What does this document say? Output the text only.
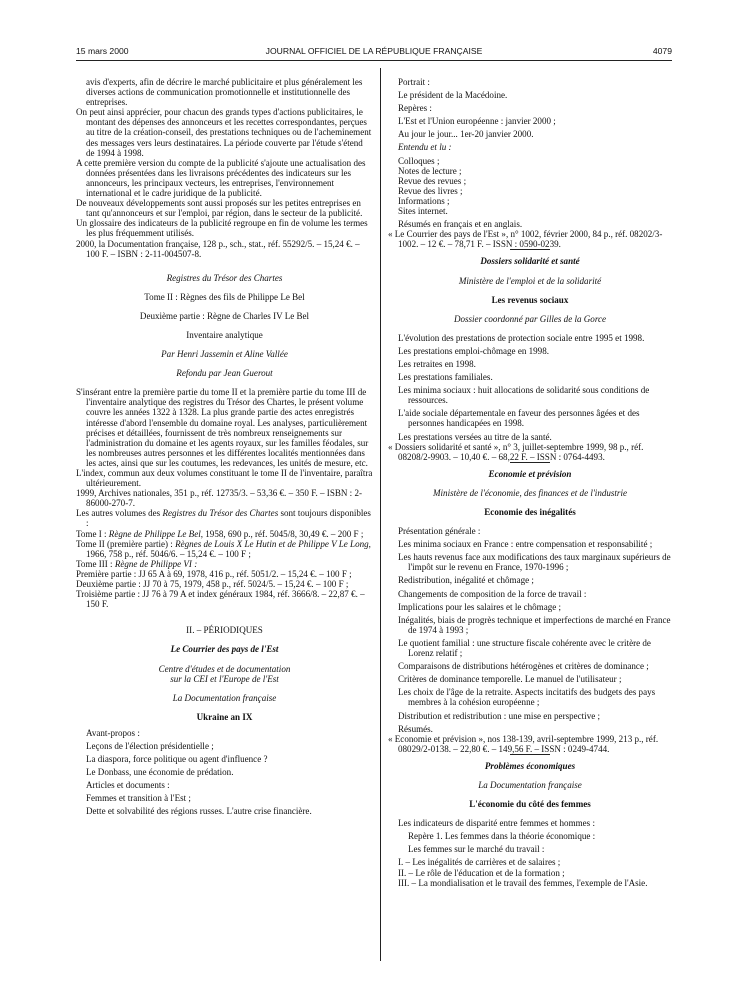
15 mars 2000	JOURNAL OFFICIEL DE LA RÉPUBLIQUE FRANÇAISE	4079

avis d'experts, afin de décrire le marché publicitaire et plus généralement les diverses actions de communication promotionnelle et institutionnelle des entreprises.

On peut ainsi apprécier, pour chacun des grands types d'actions publicitaires, le montant des dépenses des annonceurs et les recettes correspondantes, perçues au titre de la création-conseil, des prestations techniques ou de l'acheminement des messages vers leurs destinataires. La période couverte par l'étude s'étend de 1994 à 1998.

A cette première version du compte de la publicité s'ajoute une actualisation des données présentées dans les livraisons précédentes des indicateurs sur les annonceurs, les principaux vecteurs, les entreprises, l'environnement international et le cadre juridique de la publicité.

De nouveaux développements sont aussi proposés sur les petites entreprises en tant qu'annonceurs et sur l'emploi, par région, dans le secteur de la publicité.

Un glossaire des indicateurs de la publicité regroupe en fin de volume les termes les plus fréquemment utilisés.

2000, la Documentation française, 128 p., sch., stat., réf. 55292/5. – 15,24 €. – 100 F. – ISBN : 2-11-004507-8.

Registres du Trésor des Chartes

Tome II : Règnes des fils de Philippe Le Bel

Deuxième partie : Règne de Charles IV Le Bel

Inventaire analytique

Par Henri Jassemin et Aline Vallée

Refondu par Jean Guerout

S'insérant entre la première partie du tome II et la première partie du tome III de l'inventaire analytique des registres du Trésor des Chartes, le présent volume couvre les années 1322 à 1328. La plus grande partie des actes enregistrés intéresse d'abord l'ensemble du domaine royal. Les analyses, particulièrement précises et détaillées, fournissent de très nombreux renseignements sur l'administration du domaine et les agents royaux, sur les familles féodales, sur les nombreuses autres personnes et les différentes localités mentionnées dans les actes, ainsi que sur les coutumes, les redevances, les unités de mesure, etc.

L'index, commun aux deux volumes constituant le tome II de l'inventaire, paraîtra ultérieurement.

1999, Archives nationales, 351 p., réf. 12735/3. – 53,36 €. – 350 F. – ISBN : 2-86000-270-7.

Les autres volumes des Registres du Trésor des Chartes sont toujours disponibles :

Tome I : Règne de Philippe Le Bel, 1958, 690 p., réf. 5045/8, 30,49 €. – 200 F ;

Tome II (première partie) : Règnes de Louis X Le Hutin et de Philippe V Le Long, 1966, 758 p., réf. 5046/6. – 15,24 €. – 100 F ;

Tome III : Règne de Philippe VI :

Première partie : JJ 65 A à 69, 1978, 416 p., réf. 5051/2. – 15,24 €. – 100 F ;

Deuxième partie : JJ 70 à 75, 1979, 458 p., réf. 5024/5. – 15,24 €. – 100 F ;

Troisième partie : JJ 76 à 79 A et index généraux 1984, réf. 3666/8. – 22,87 €. – 150 F.

II. – PÉRIODIQUES

Le Courrier des pays de l'Est

Centre d'études et de documentation

sur la CEI et l'Europe de l'Est

La Documentation française

Ukraine an IX

Avant-propos :

Leçons de l'élection présidentielle ;

La diaspora, force politique ou agent d'influence ?

Le Donbass, une économie de prédation.

Articles et documents :

Femmes et transition à l'Est ;

Dette et solvabilité des régions russes. L'autre crise financière.

Portrait :

Le président de la Macédoine.

Repères :

L'Est et l'Union européenne : janvier 2000 ;

Au jour le jour... 1er-20 janvier 2000.

Entendu et lu :

Colloques ;

Notes de lecture ;

Revue des revues ;

Revue des livres ;

Informations ;

Sites internet.

Résumés en français et en anglais.

« Le Courrier des pays de l'Est », n° 1002, février 2000, 84 p., réf. 08202/3-1002. – 12 €. – 78,71 F. – ISSN : 0590-0239.

Dossiers solidarité et santé

Ministère de l'emploi et de la solidarité

Les revenus sociaux

Dossier coordonné par Gilles de la Gorce

L'évolution des prestations de protection sociale entre 1995 et 1998.

Les prestations emploi-chômage en 1998.

Les retraites en 1998.

Les prestations familiales.

Les minima sociaux : huit allocations de solidarité sous conditions de ressources.

L'aide sociale départementale en faveur des personnes âgées et des personnes handicapées en 1998.

Les prestations versées au titre de la santé.

« Dossiers solidarité et santé », n° 3, juillet-septembre 1999, 98 p., réf. 08208/2-9903. – 10,40 €. – 68,22 F. – ISSN : 0764-4493.

Economie et prévision

Ministère de l'économie, des finances et de l'industrie

Economie des inégalités

Présentation générale :

Les minima sociaux en France : entre compensation et responsabilité ;

Les hauts revenus face aux modifications des taux marginaux supérieurs de l'impôt sur le revenu en France, 1970-1996 ;

Redistribution, inégalité et chômage ;

Changements de composition de la force de travail :

Implications pour les salaires et le chômage ;

Inégalités, biais de progrès technique et imperfections de marché en France de 1974 à 1993 ;

Le quotient familial : une structure fiscale cohérente avec le critère de Lorenz relatif ;

Comparaisons de distributions hétérogènes et critères de dominance ;

Critères de dominance temporelle. Le manuel de l'utilisateur ;

Les choix de l'âge de la retraite. Aspects incitatifs des budgets des pays membres à la cohésion européenne ;

Distribution et redistribution : une mise en perspective ;

Résumés.

« Economie et prévision », nos 138-139, avril-septembre 1999, 213 p., réf. 08029/2-0138. – 22,80 €. – 149,56 F. – ISSN : 0249-4744.

Problèmes économiques

La Documentation française

L'économie du côté des femmes

Les indicateurs de disparité entre femmes et hommes :

Repère 1. Les femmes dans la théorie économique :

Les femmes sur le marché du travail :

I. – Les inégalités de carrières et de salaires ;

II. – Le rôle de l'éducation et de la formation ;

III. – La mondialisation et le travail des femmes, l'exemple de l'Asie.
